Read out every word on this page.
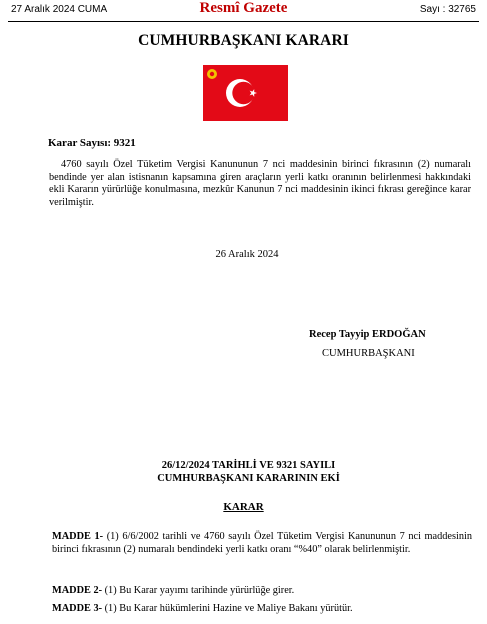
27 Aralık 2024 CUMA	Resmî Gazete	Sayı : 32765
CUMHURBAŞKANI KARARI
Karar Sayısı: 9321
4760 sayılı Özel Tüketim Vergisi Kanununun 7 nci maddesinin birinci fıkrasının (2) numaralı bendinde yer alan istisnanın kapsamına giren araçların yerli katkı oranının belirlenmesi hakkındaki ekli Kararın yürürlüğe konulmasına, mezkûr Kanunun 7 nci maddesinin ikinci fıkrası gereğince karar verilmiştir.
26 Aralık 2024
Recep Tayyip ERDOĞAN
CUMHURBAŞKANI
26/12/2024 TARİHLİ VE 9321 SAYILI
CUMHURBAŞKANI KARARININ EKİ
KARAR
MADDE 1- (1) 6/6/2002 tarihli ve 4760 sayılı Özel Tüketim Vergisi Kanununun 7 nci maddesinin birinci fıkrasının (2) numaralı bendindeki yerli katkı oranı “%40” olarak belirlenmiştir.
MADDE 2- (1) Bu Karar yayımı tarihinde yürürlüğe girer.
MADDE 3- (1) Bu Karar hükümlerini Hazine ve Maliye Bakanı yürütür.
